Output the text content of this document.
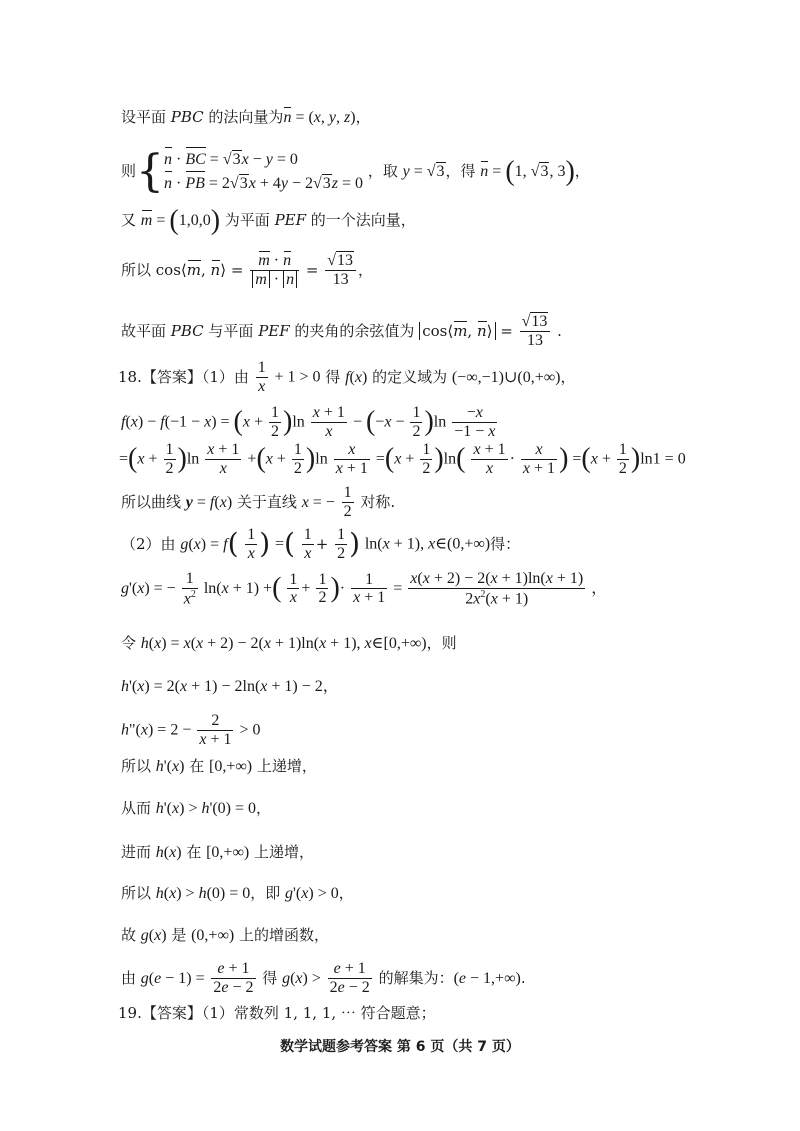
设平面 PBC 的法向量为n = (x, y, z)，
则{ n · BC = √3x − y = 0
n · PB = 2√3x + 4y − 2√3z = 0
，取 y = √3，得 n = (1, √3, 3)，
又 m = (1,0,0) 为平面 PEF 的一个法向量，
所以 cos⟨m, n⟩ = $\frac{m \cdot n}{m \cdot n} = \frac{√13}{13}$ ，
故平面 PBC 与平面 PEF 的夹角的余弦值为 cos⟨m, n⟩ = $\frac{√13}{13}$ .
18.【答案】（1）由 $\frac{1}{x} + 1 > 0$ 得 f(x) 的定义域为 (−∞,−1)∪(0,+∞)，
$f(x) - f(-1 - x) = (x + \frac{1}{2} )\ln \frac{x + 1}{x} - (-x - \frac{1}{2} )\ln \frac{-x}{-1 - x}$
$=(x + \frac{1}{2} )\ln \frac{x + 1}{x} +(x + \frac{1}{2} )\ln \frac{x}{x + 1} =(x + \frac{1}{2} )\ln( \frac{x + 1}{x} \cdot \frac{x}{x + 1}$ ) $=(x + \frac{1}{2} )\ln 1 = 0$
所以曲线 y = f(x) 关于直线 x = − $\frac{1}{2}$ 对称.
（2）由 $g(x) = f( \frac{1}{x}$ ) =( $\frac{1}{x} + \frac{1}{2}$ ) ln(x + 1), x∈(0,+∞)得：
g'(x) = − $\frac{1}{x^2} \ln(x + 1)$ +( $\frac{1}{x} + \frac{1}{2}$ )· $\frac{1}{x + 1} = \frac{x(x + 2) - 2(x + 1)\ln(x + 1)}{2x^2(x + 1)}$ ，
令 h(x) = x(x + 2) − 2(x + 1)ln(x + 1), x∈[0,+∞)，则
h'(x) = 2(x + 1) − 2ln(x + 1) − 2，
h"(x) = $2 - \frac{2}{x + 1} > 0$
所以 h'(x) 在 [0,+∞) 上递增，
从而 h'(x) > h'(0) = 0，
进而 h(x) 在 [0,+∞) 上递增，
所以 h(x) > h(0) = 0，即 g'(x) > 0，
故 g(x) 是 (0,+∞) 上的增函数，
由 $g(e - 1) = \frac{e + 1}{2e - 2}$ 得 $g(x) > \frac{e + 1}{2e - 2}$ 的解集为：(e − 1,+∞).
19.【答案】（1）常数列 1, 1, 1, ⋯ 符合题意；
数学试题参考答案 第 6 页（共 7 页）
